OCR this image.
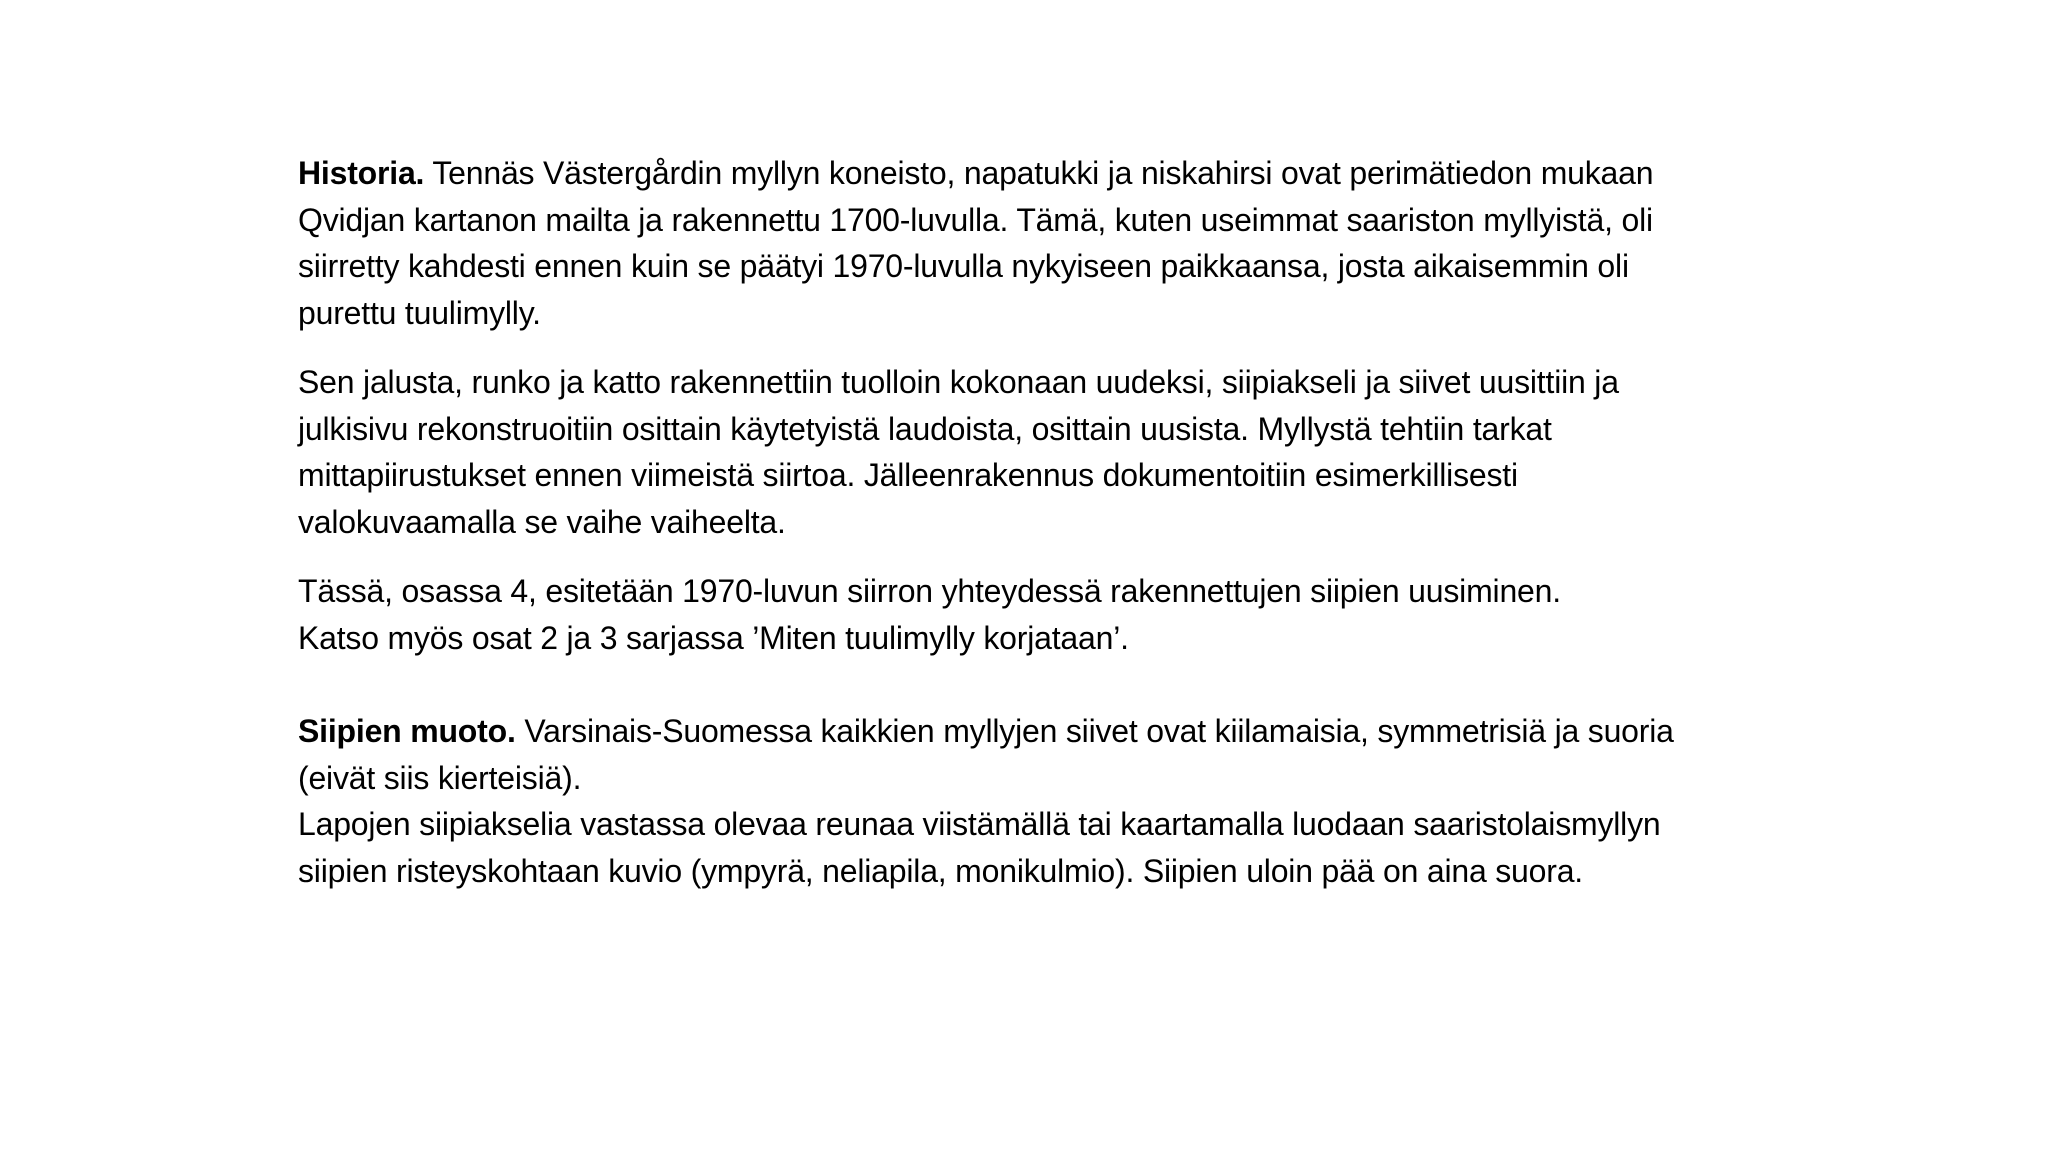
Historia. Tennäs Västergårdin myllyn koneisto, napatukki ja niskahirsi ovat perimätiedon mukaan
Qvidjan kartanon mailta ja rakennettu 1700-luvulla. Tämä, kuten useimmat saariston myllyistä, oli
siirretty kahdesti ennen kuin se päätyi 1970-luvulla nykyiseen paikkaansa, josta aikaisemmin oli
purettu tuulimylly.

Sen jalusta, runko ja katto rakennettiin tuolloin kokonaan uudeksi, siipiakseli ja siivet uusittiin ja
julkisivu rekonstruoitiin osittain käytetyistä laudoista, osittain uusista. Myllystä tehtiin tarkat
mittapiirustukset ennen viimeistä siirtoa. Jälleenrakennus dokumentoitiin esimerkillisesti
valokuvaamalla se vaihe vaiheelta.

Tässä, osassa 4, esitetään 1970-luvun siirron yhteydessä rakennettujen siipien uusiminen.
Katso myös osat 2 ja 3 sarjassa ’Miten tuulimylly korjataan’.

Siipien muoto. Varsinais-Suomessa kaikkien myllyjen siivet ovat kiilamaisia, symmetrisiä ja suoria
(eivät siis kierteisiä).
Lapojen siipiakselia vastassa olevaa reunaa viistämällä tai kaartamalla luodaan saaristolaismyllyn
siipien risteyskohtaan kuvio (ympyrä, neliapila, monikulmio). Siipien uloin pää on aina suora.
